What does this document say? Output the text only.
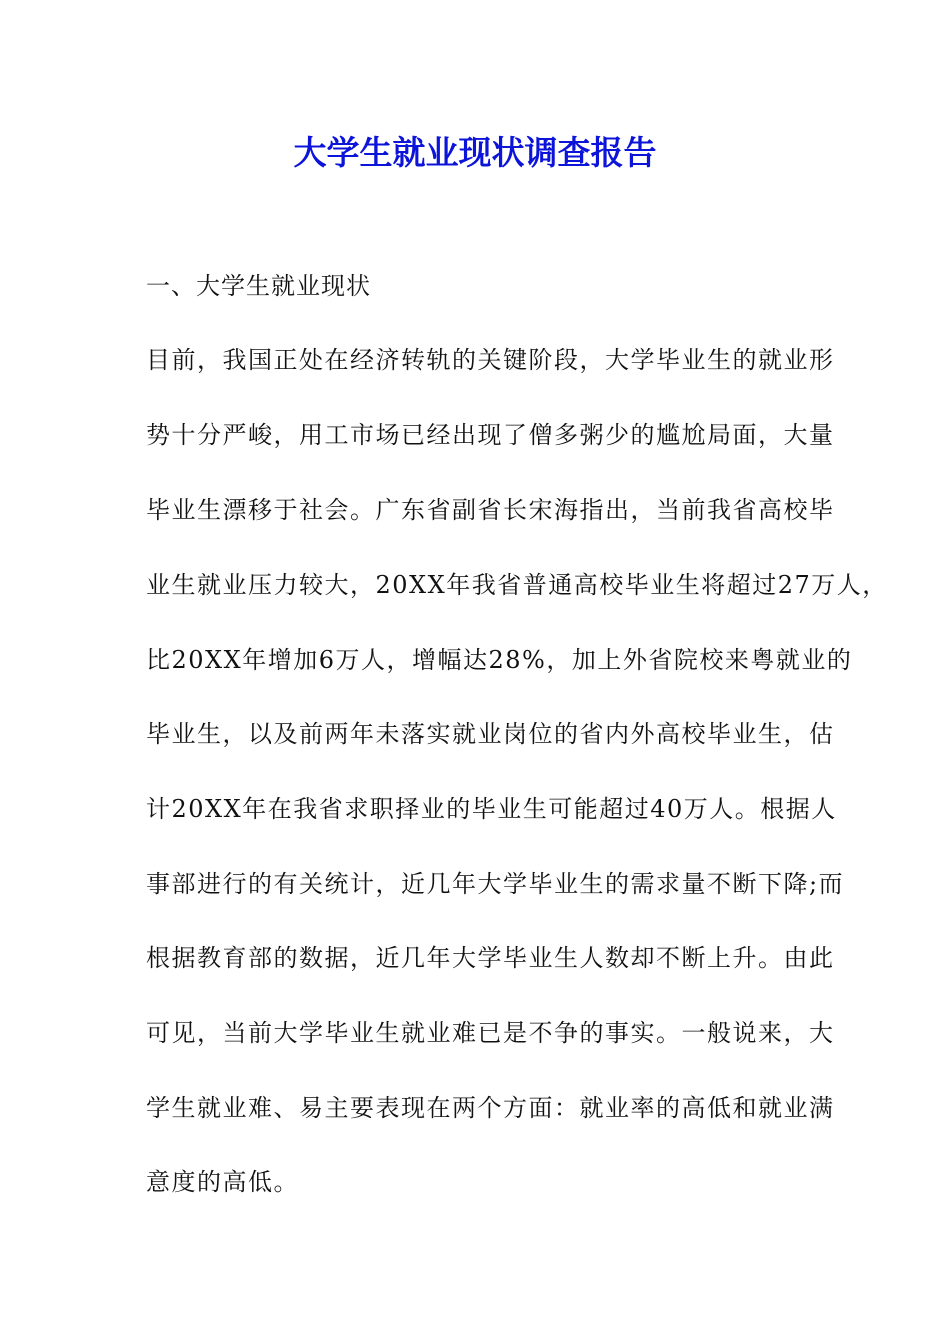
大学生就业现状调查报告

一、大学生就业现状

目前，我国正处在经济转轨的关键阶段，大学毕业生的就业形

势十分严峻，用工市场已经出现了僧多粥少的尴尬局面，大量

毕业生漂移于社会。广东省副省长宋海指出，当前我省高校毕

业生就业压力较大，20XX年我省普通高校毕业生将超过27万人，

比20XX年增加6万人，增幅达28%，加上外省院校来粤就业的

毕业生，以及前两年未落实就业岗位的省内外高校毕业生，估

计20XX年在我省求职择业的毕业生可能超过40万人。根据人

事部进行的有关统计，近几年大学毕业生的需求量不断下降;而

根据教育部的数据，近几年大学毕业生人数却不断上升。由此

可见，当前大学毕业生就业难已是不争的事实。一般说来，大

学生就业难、易主要表现在两个方面：就业率的高低和就业满

意度的高低。
